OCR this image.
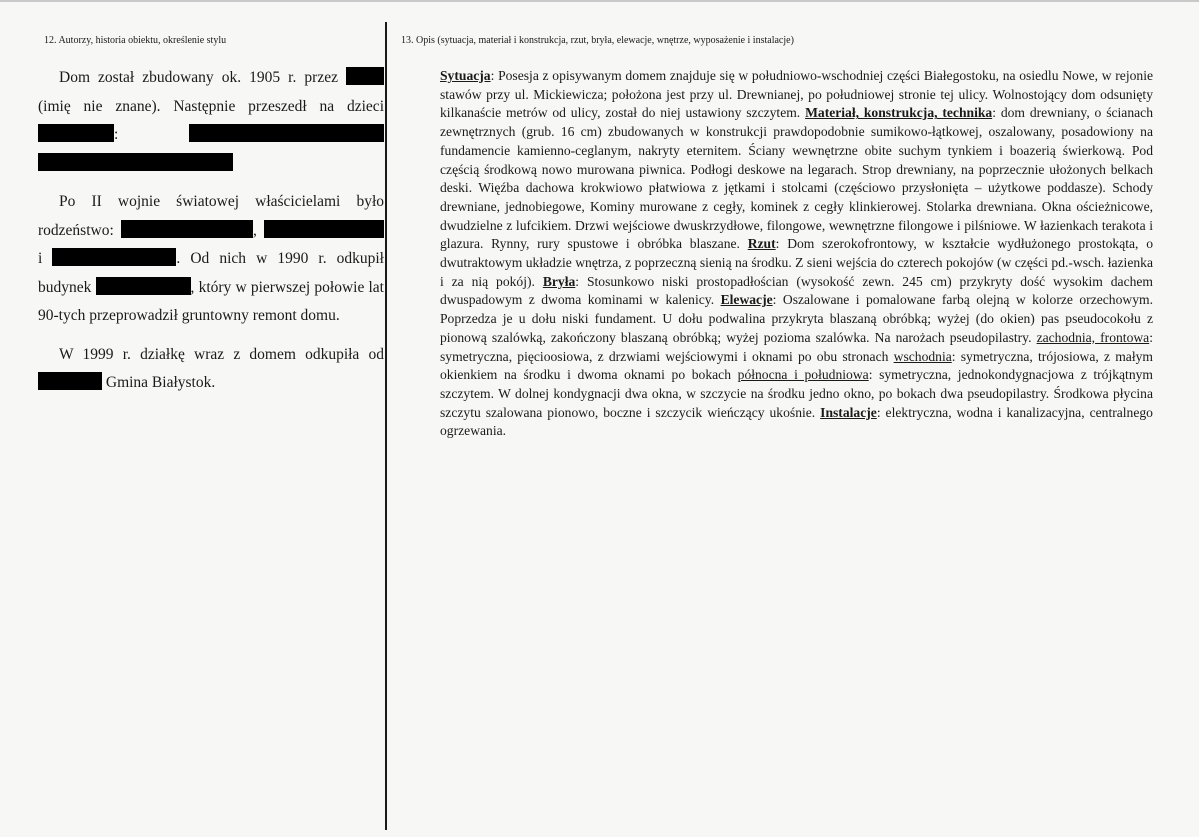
12. Autorzy, historia obiektu, określenie stylu	13. Opis (sytuacja, materiał i konstrukcja, rzut, bryła, elewacje, wnętrze, wyposażenie i instalacje)

Dom został zbudowany ok. 1905 r. przez  (imię nie znane). Następnie przeszedł na dzieci :

Po II wojnie światowej właścicielami było rodzeństwo:	,  i	. Od nich w 1990 r. odkupił budynek	, który w pierwszej połowie lat 90-tych przeprowadził gruntowny remont domu.

W 1999 r. działkę wraz z domem odkupiła od  Gmina Białystok.

Sytuacja: Posesja z opisywanym domem znajduje się w południowo-wschodniej części Białegostoku, na osiedlu Nowe, w rejonie stawów przy ul. Mickiewicza; położona jest przy ul. Drewnianej, po południowej stronie tej ulicy. Wolnostojący dom odsunięty kilkanaście metrów od ulicy, został do niej ustawiony szczytem. Materiał, konstrukcja, technika: dom drewniany, o ścianach zewnętrznych (grub. 16 cm) zbudowanych w konstrukcji prawdopodobnie sumikowo-łątkowej, oszalowany, posadowiony na fundamencie kamienno-ceglanym, nakryty eternitem. Ściany wewnętrzne obite suchym tynkiem i boazerią świerkową. Pod częścią środkową nowo murowana piwnica. Podłogi deskowe na legarach. Strop drewniany, na poprzecznie ułożonych belkach deski. Więźba dachowa krokwiowo płatwiowa z jętkami i stolcami (częściowo przysłonięta – użytkowe poddasze). Schody drewniane, jednobiegowe, Kominy murowane z cegły, kominek z cegły klinkierowej. Stolarka drewniana. Okna ościeżnicowe, dwudzielne z lufcikiem. Drzwi wejściowe dwuskrzydłowe, filongowe, wewnętrzne filongowe i pilśniowe. W łazienkach terakota i glazura. Rynny, rury spustowe i obróbka blaszane. Rzut: Dom szerokofrontowy, w kształcie wydłużonego prostokąta, o dwutraktowym układzie wnętrza, z poprzeczną sienią na środku. Z sieni wejścia do czterech pokojów (w części pd.-wsch. łazienka i za nią pokój). Bryła: Stosunkowo niski prostopadłościan (wysokość zewn. 245 cm) przykryty dość wysokim dachem dwuspadowym z dwoma kominami w kalenicy. Elewacje: Oszalowane i pomalowane farbą olejną w kolorze orzechowym. Poprzedza je u dołu niski fundament. U dołu podwalina przykryta blaszaną obróbką; wyżej (do okien) pas pseudocokołu z pionową szalówką, zakończony blaszaną obróbką; wyżej pozioma szalówka. Na narożach pseudopilastry. zachodnia, frontowa: symetryczna, pięcioosiowa, z drzwiami wejściowymi i oknami po obu stronach wschodnia: symetryczna, trójosiowa, z małym okienkiem na środku i dwoma oknami po bokach północna i południowa: symetryczna, jednokondygnacjowa z trójkątnym szczytem. W dolnej kondygnacji dwa okna, w szczycie na środku jedno okno, po bokach dwa pseudopilastry. Środkowa płycina szczytu szalowana pionowo, boczne i szczycik wieńczący ukośnie. Instalacje: elektryczna, wodna i kanalizacyjna, centralnego ogrzewania.
